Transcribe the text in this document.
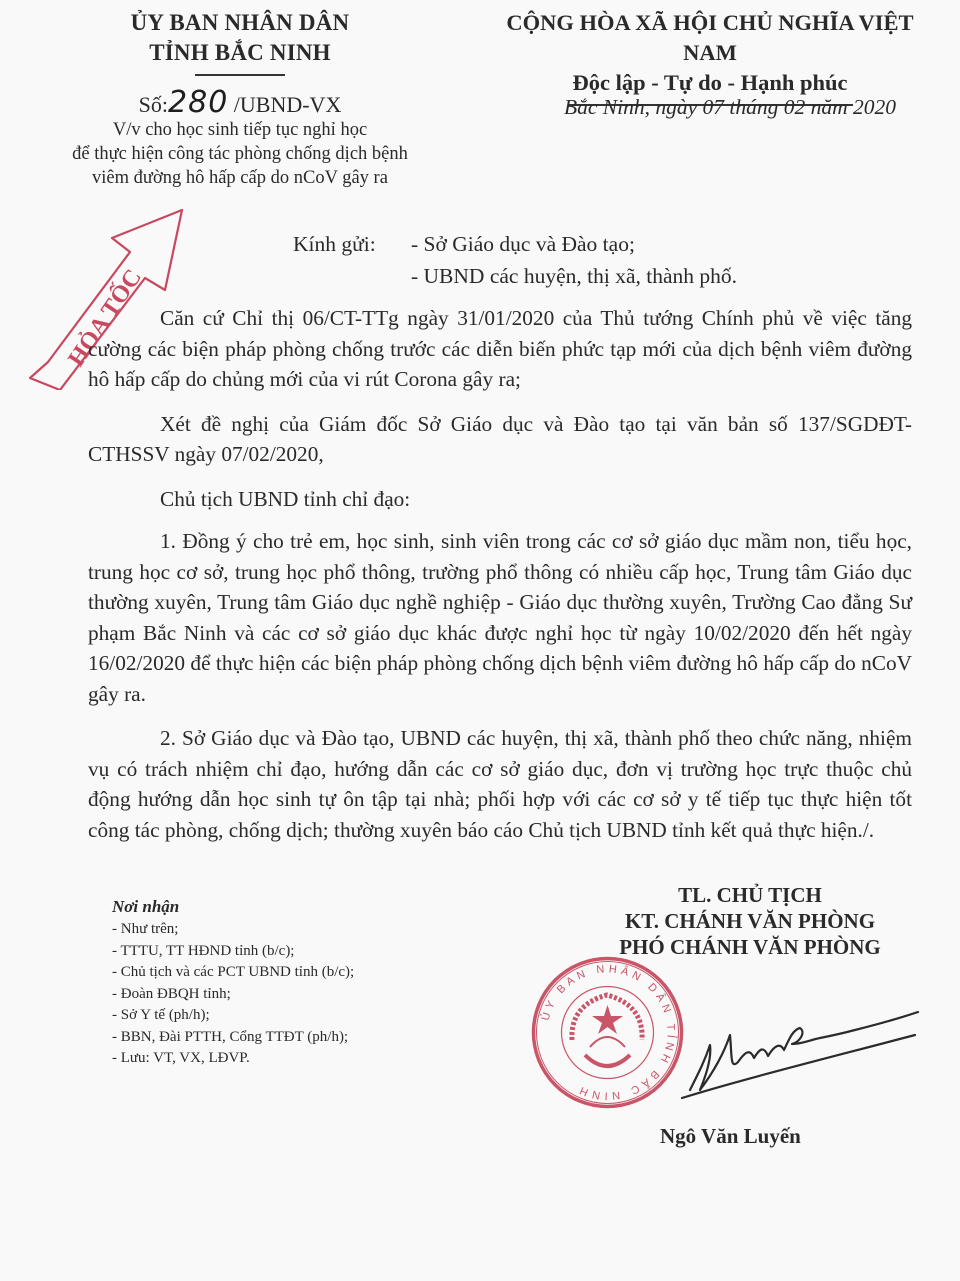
ỦY BAN NHÂN DÂN
TỈNH BẮC NINH
Số:280 /UBND-VX
V/v cho học sinh tiếp tục nghỉ học
để thực hiện công tác phòng chống dịch bệnh
viêm đường hô hấp cấp do nCoV gây ra
CỘNG HÒA XÃ HỘI CHỦ NGHĨA VIỆT NAM
Độc lập - Tự do - Hạnh phúc
Bắc Ninh, ngày 07 tháng 02 năm 2020
HỎA TỐC
Kính gửi: - Sở Giáo dục và Đào tạo;
- UBND các huyện, thị xã, thành phố.

Căn cứ Chỉ thị 06/CT-TTg ngày 31/01/2020 của Thủ tướng Chính phủ về việc tăng cường các biện pháp phòng chống trước các diễn biến phức tạp mới của dịch bệnh viêm đường hô hấp cấp do chủng mới của vi rút Corona gây ra;

Xét đề nghị của Giám đốc Sở Giáo dục và Đào tạo tại văn bản số 137/SGDĐT-CTHSSV ngày 07/02/2020,

Chủ tịch UBND tỉnh chỉ đạo:

1. Đồng ý cho trẻ em, học sinh, sinh viên trong các cơ sở giáo dục mầm non, tiểu học, trung học cơ sở, trung học phổ thông, trường phổ thông có nhiều cấp học, Trung tâm Giáo dục thường xuyên, Trung tâm Giáo dục nghề nghiệp - Giáo dục thường xuyên, Trường Cao đẳng Sư phạm Bắc Ninh và các cơ sở giáo dục khác được nghỉ học từ ngày 10/02/2020 đến hết ngày 16/02/2020 để thực hiện các biện pháp phòng chống dịch bệnh viêm đường hô hấp cấp do nCoV gây ra.

2. Sở Giáo dục và Đào tạo, UBND các huyện, thị xã, thành phố theo chức năng, nhiệm vụ có trách nhiệm chỉ đạo, hướng dẫn các cơ sở giáo dục, đơn vị trường học trực thuộc chủ động hướng dẫn học sinh tự ôn tập tại nhà; phối hợp với các cơ sở y tế tiếp tục thực hiện tốt công tác phòng, chống dịch; thường xuyên báo cáo Chủ tịch UBND tỉnh kết quả thực hiện./.

Nơi nhận
- Như trên;
- TTTU, TT HĐND tỉnh (b/c);
- Chủ tịch và các PCT UBND tỉnh (b/c);
- Đoàn ĐBQH tỉnh;
- Sở Y tế (ph/h);
- BBN, Đài PTTH, Cổng TTĐT (ph/h);
- Lưu: VT, VX, LĐVP.
TL. CHỦ TỊCH
KT. CHÁNH VĂN PHÒNG
PHÓ CHÁNH VĂN PHÒNG
ỦY BAN NHÂN DÂN TỈNH BẮC NINH
Ngô Văn Luyến
